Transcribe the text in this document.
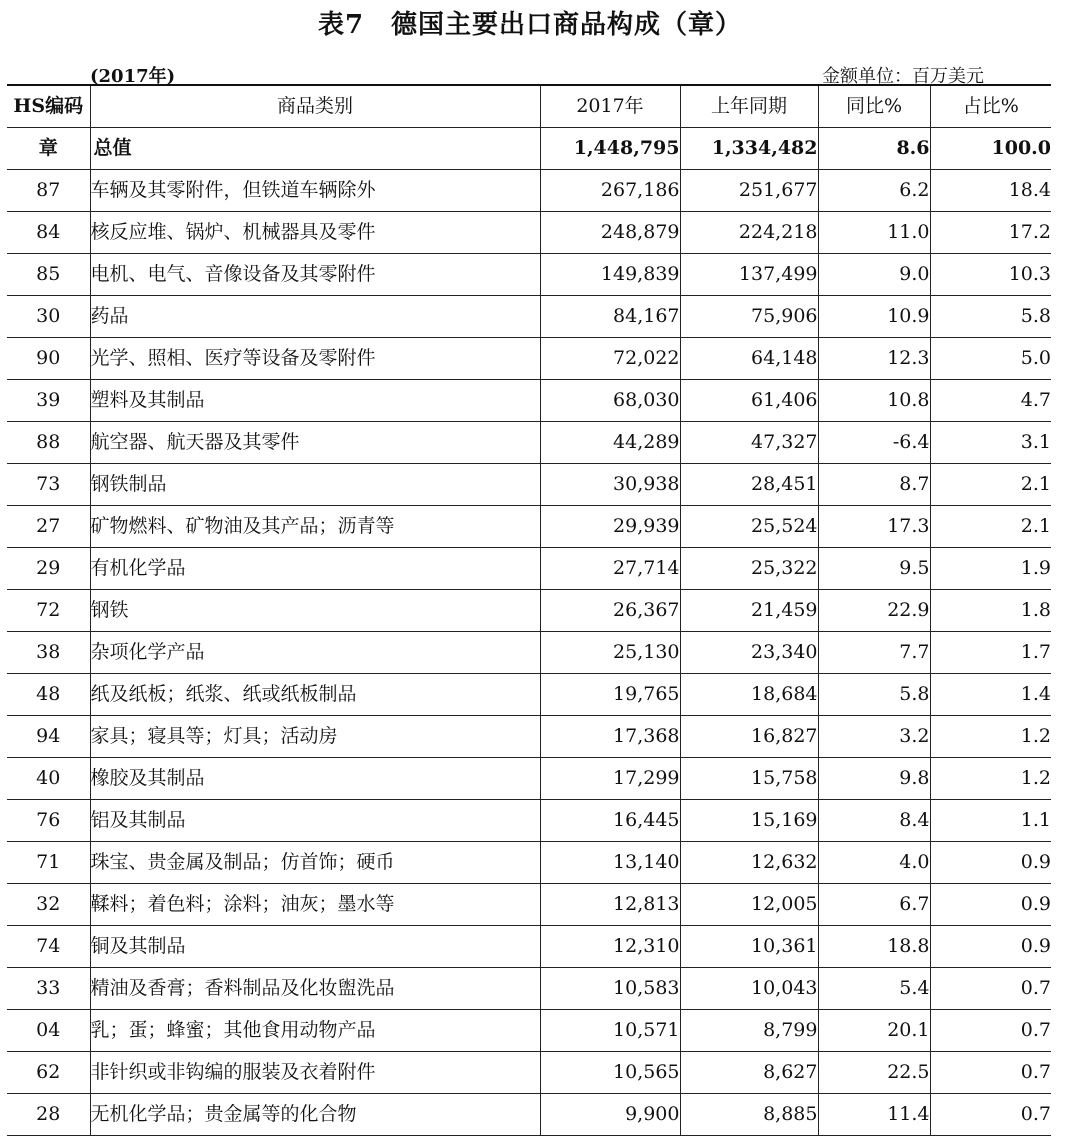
表7　德国主要出口商品构成（章）
(2017年)	金额单位：百万美元
HS编码	商品类别	2017年	上年同期	同比%	占比%
章	总值	1,448,795	1,334,482	8.6	100.0
87	车辆及其零附件，但铁道车辆除外	267,186	251,677	6.2	18.4
84	核反应堆、锅炉、机械器具及零件	248,879	224,218	11.0	17.2
85	电机、电气、音像设备及其零附件	149,839	137,499	9.0	10.3
30	药品	84,167	75,906	10.9	5.8
90	光学、照相、医疗等设备及零附件	72,022	64,148	12.3	5.0
39	塑料及其制品	68,030	61,406	10.8	4.7
88	航空器、航天器及其零件	44,289	47,327	-6.4	3.1
73	钢铁制品	30,938	28,451	8.7	2.1
27	矿物燃料、矿物油及其产品；沥青等	29,939	25,524	17.3	2.1
29	有机化学品	27,714	25,322	9.5	1.9
72	钢铁	26,367	21,459	22.9	1.8
38	杂项化学产品	25,130	23,340	7.7	1.7
48	纸及纸板；纸浆、纸或纸板制品	19,765	18,684	5.8	1.4
94	家具；寝具等；灯具；活动房	17,368	16,827	3.2	1.2
40	橡胶及其制品	17,299	15,758	9.8	1.2
76	铝及其制品	16,445	15,169	8.4	1.1
71	珠宝、贵金属及制品；仿首饰；硬币	13,140	12,632	4.0	0.9
32	鞣料；着色料；涂料；油灰；墨水等	12,813	12,005	6.7	0.9
74	铜及其制品	12,310	10,361	18.8	0.9
33	精油及香膏；香料制品及化妆盥洗品	10,583	10,043	5.4	0.7
04	乳；蛋；蜂蜜；其他食用动物产品	10,571	8,799	20.1	0.7
62	非针织或非钩编的服装及衣着附件	10,565	8,627	22.5	0.7
28	无机化学品；贵金属等的化合物	9,900	8,885	11.4	0.7
